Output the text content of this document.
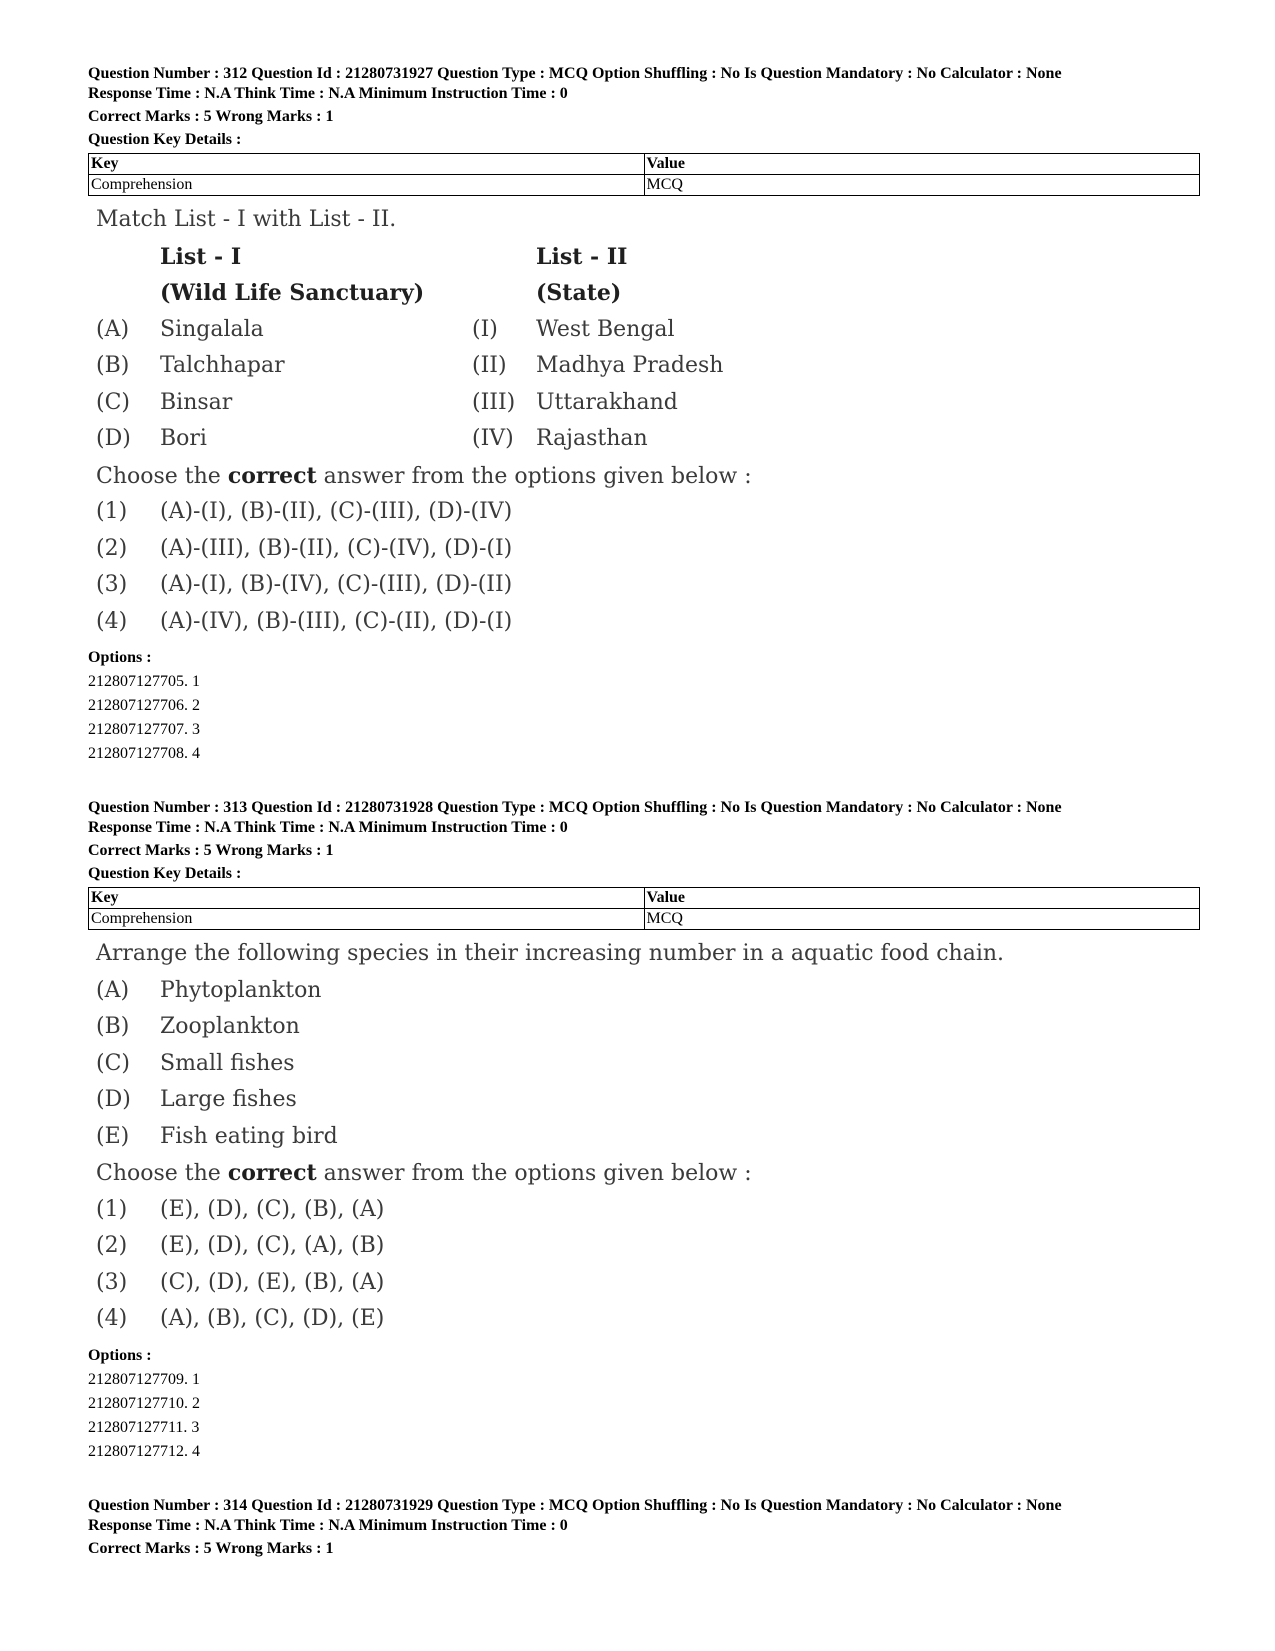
Question Number : 312 Question Id : 21280731927 Question Type : MCQ Option Shuffling : No Is Question Mandatory : No Calculator : None
Response Time : N.A Think Time : N.A Minimum Instruction Time : 0
Correct Marks : 5 Wrong Marks : 1
Question Key Details :
Key	Value
Comprehension	MCQ
Match List - I with List - II.
List - I	List - II
(Wild Life Sanctuary)	(State)
(A) Singalala	(I) West Bengal
(B) Talchhapar	(II) Madhya Pradesh
(C) Binsar	(III) Uttarakhand
(D) Bori	(IV) Rajasthan
Choose the correct answer from the options given below :
(1) (A)-(I), (B)-(II), (C)-(III), (D)-(IV)
(2) (A)-(III), (B)-(II), (C)-(IV), (D)-(I)
(3) (A)-(I), (B)-(IV), (C)-(III), (D)-(II)
(4) (A)-(IV), (B)-(III), (C)-(II), (D)-(I)
Options :
212807127705. 1
212807127706. 2
212807127707. 3
212807127708. 4
Question Number : 313 Question Id : 21280731928 Question Type : MCQ Option Shuffling : No Is Question Mandatory : No Calculator : None
Response Time : N.A Think Time : N.A Minimum Instruction Time : 0
Correct Marks : 5 Wrong Marks : 1
Question Key Details :
Key	Value
Comprehension	MCQ
Arrange the following species in their increasing number in a aquatic food chain.
(A) Phytoplankton
(B) Zooplankton
(C) Small fishes
(D) Large fishes
(E) Fish eating bird
Choose the correct answer from the options given below :
(1) (E), (D), (C), (B), (A)
(2) (E), (D), (C), (A), (B)
(3) (C), (D), (E), (B), (A)
(4) (A), (B), (C), (D), (E)
Options :
212807127709. 1
212807127710. 2
212807127711. 3
212807127712. 4
Question Number : 314 Question Id : 21280731929 Question Type : MCQ Option Shuffling : No Is Question Mandatory : No Calculator : None
Response Time : N.A Think Time : N.A Minimum Instruction Time : 0
Correct Marks : 5 Wrong Marks : 1
